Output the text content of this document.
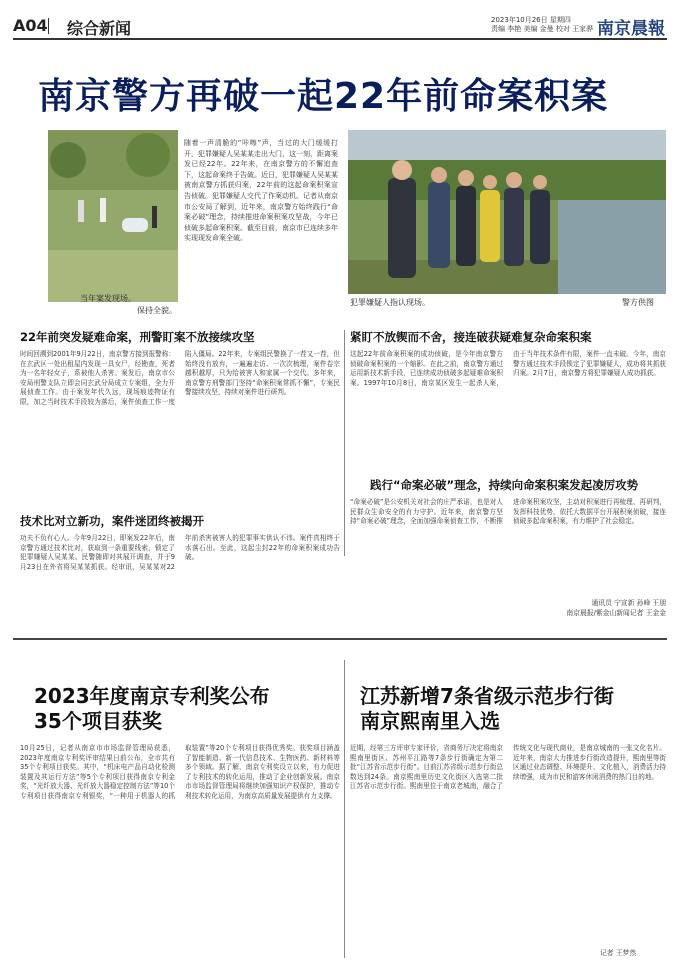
A04 综合新闻	2023年10月26日 星期四
责编 李艳 美编 金曼 校对 王家骅 南京晨報
南京警方再破一起22年前命案积案
当年案发现场。
保持全貌。
随着一声清脆的“咔嚓”声，当过的大门缓缓打开，犯罪嫌疑人吴某某走出大门，这一刻，距离案发已经22年。22年来，在南京警方的不懈追查下，这起命案终于告破。近日，犯罪嫌疑人吴某某被南京警方抓获归案，22年前的这起命案积案宣告侦破。犯罪嫌疑人交代了作案动机。记者从南京市公安局了解到，近年来，南京警方始终践行“命案必破”理念，持续推进命案积案攻坚战，今年已侦破多起命案积案。截至目前，南京市已连续多年实现现发命案全破。
犯罪嫌疑人指认现场。	警方供图
22年前突发疑难命案，刑警盯案不放接续攻坚
时间回溯到2001年9月22日，南京警方接到报警称：在玄武区一处出租屋内发现一具女尸，经勘查，死者为一名年轻女子，系被他人杀害。案发后，南京市公安局刑警支队立即会同玄武分局成立专案组，全力开展侦查工作。由于案发年代久远，现场痕迹物证有限，加之当时技术手段较为落后，案件侦查工作一度陷入僵局。22年来，专案组民警换了一茬又一茬，但始终没有放弃，一遍遍走访、一次次梳理，案件卷宗越积越厚，只为给被害人和家属一个交代。多年来，南京警方刑警部门坚持“命案积案常抓不懈”，专案民警接续攻坚，持续对案件进行研判。
紧盯不放锲而不舍，接连破获疑难复杂命案积案
这起22年前命案积案的成功侦破，是今年南京警方侦破命案积案的一个缩影。在此之前，南京警方通过运用新技术新手段，已连续成功侦破多起疑难命案积案。1997年10月8日，南京某区发生一起杀人案，由于当年技术条件有限，案件一直未破。今年，南京警方通过技术手段锁定了犯罪嫌疑人，成功将其抓获归案。2月7日，南京警方将犯罪嫌疑人成功抓获。
技术比对立新功，案件迷团终被揭开
功夫不负有心人。今年9月22日，即案发22年后，南京警方通过技术比对，获取到一条重要线索，锁定了犯罪嫌疑人吴某某。民警随即对其展开调查，并于9月23日在外省将吴某某抓获。经审讯，吴某某对22年前杀害被害人的犯罪事实供认不讳。案件真相终于水落石出。至此，这起尘封22年的命案积案成功告破。
践行“命案必破”理念，持续向命案积案发起凌厉攻势
“命案必破”是公安机关对社会的庄严承诺，也是对人民群众生命安全的有力守护。近年来，南京警方坚持“命案必破”理念，全面加强命案侦查工作，不断推进命案积案攻坚，主动对积案进行再梳理、再研判，发挥科技优势，依托大数据平台开展积案侦破，接连侦破多起命案积案，有力维护了社会稳定。
通讯员 宁宣新 孙峰 王朋
南京晨报/紫金山新闻记者 王金金
2023年度南京专利奖公布
35个项目获奖
10月25日，记者从南京市市场监督管理局获悉，2023年度南京专利奖评审结果日前公布，全市共有35个专利项目获奖。其中，“机床电产品自动化检测装置及其运行方法”等5个专利项目获得南京专利金奖，“光纤放大器、光纤放大器稳定控制方法”等10个专利项目获得南京专利银奖，“一种用于机器人的抓取装置”等20个专利项目获得优秀奖。获奖项目涵盖了智能制造、新一代信息技术、生物医药、新材料等多个领域。据了解，南京专利奖设立以来，有力促进了专利技术的转化运用，推动了企业创新发展。南京市市场监督管理局将继续加强知识产权保护，推动专利技术转化运用，为南京高质量发展提供有力支撑。
江苏新增7条省级示范步行街
南京熙南里入选
近期，经第三方评审专家评价，省商务厅决定将南京熙南里街区、苏州平江路等7条步行街确定为第二批“江苏省示范步行街”。目前江苏省级示范步行街总数达到24条。南京熙南里历史文化街区入选第二批江苏省示范步行街。熙南里位于南京老城南，融合了传统文化与现代商业，是南京城南的一张文化名片。近年来，南京大力推进步行街改造提升，熙南里等街区通过业态调整、环境提升、文化植入，消费活力持续增强，成为市民和游客休闲消费的热门目的地。
记者 王梦然
